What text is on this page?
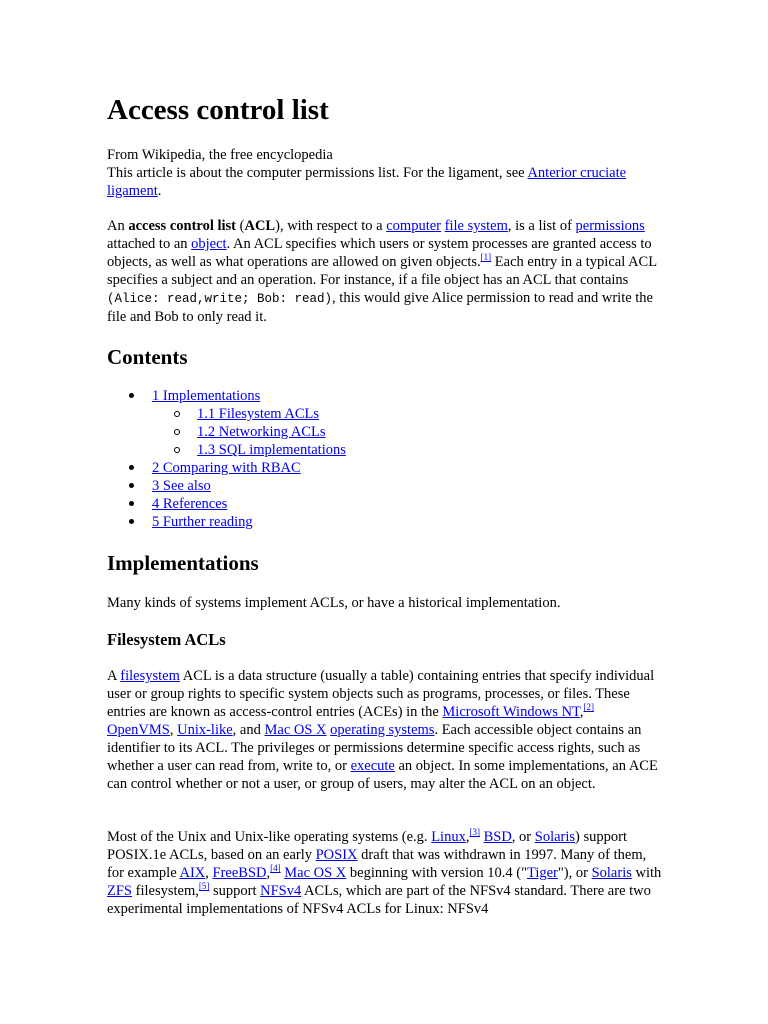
Access control list
From Wikipedia, the free encyclopedia
This article is about the computer permissions list. For the ligament, see Anterior cruciate ligament.

An access control list (ACL), with respect to a computer file system, is a list of permissions attached to an object. An ACL specifies which users or system processes are granted access to objects, as well as what operations are allowed on given objects.[1] Each entry in a typical ACL specifies a subject and an operation. For instance, if a file object has an ACL that contains (Alice: read,write; Bob: read), this would give Alice permission to read and write the file and Bob to only read it.

Contents
1 Implementations
1.1 Filesystem ACLs
1.2 Networking ACLs
1.3 SQL implementations
2 Comparing with RBAC
3 See also
4 References
5 Further reading
Implementations

Many kinds of systems implement ACLs, or have a historical implementation.

Filesystem ACLs

A filesystem ACL is a data structure (usually a table) containing entries that specify individual user or group rights to specific system objects such as programs, processes, or files. These entries are known as access-control entries (ACEs) in the Microsoft Windows NT,[2] OpenVMS, Unix-like, and Mac OS X operating systems. Each accessible object contains an identifier to its ACL. The privileges or permissions determine specific access rights, such as whether a user can read from, write to, or execute an object. In some implementations, an ACE can control whether or not a user, or group of users, may alter the ACL on an object.

Most of the Unix and Unix-like operating systems (e.g. Linux,[3] BSD, or Solaris) support POSIX.1e ACLs, based on an early POSIX draft that was withdrawn in 1997. Many of them, for example AIX, FreeBSD,[4] Mac OS X beginning with version 10.4 ("Tiger"), or Solaris with ZFS filesystem,[5] support NFSv4 ACLs, which are part of the NFSv4 standard. There are two experimental implementations of NFSv4 ACLs for Linux: NFSv4
